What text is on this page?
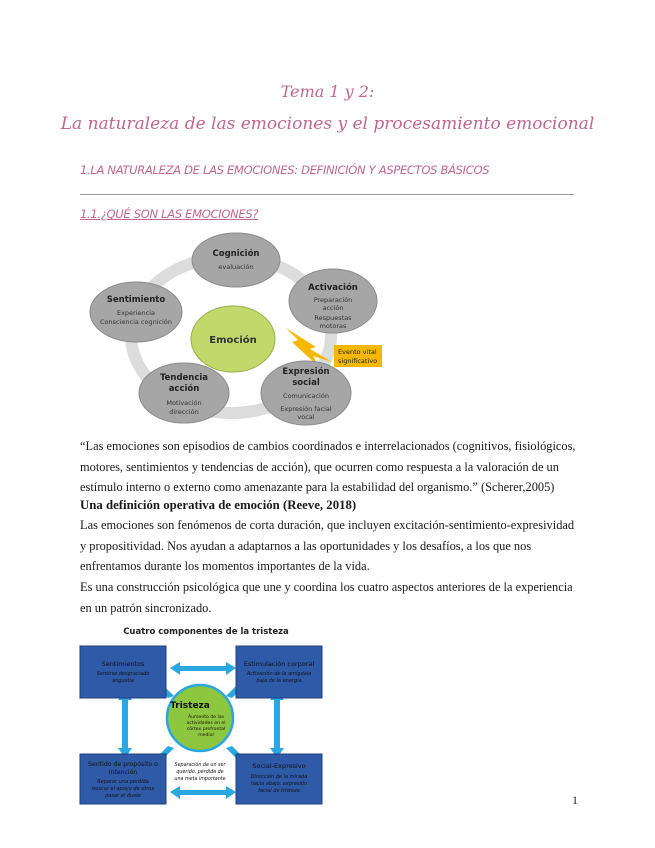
Tema 1 y 2:
La naturaleza de las emociones y el procesamiento emocional
1.LA NATURALEZA DE LAS EMOCIONES: DEFINICIÓN Y ASPECTOS BÁSICOS
1.1.¿QUÉ SON LAS EMOCIONES?
Evento vital
significativo
Emoción
Cognición
evaluación
Activación
Preparación
acción
Respuestas
motoras
Expresión
social
Comunicación
Expresión facial
vocal
Tendencia
acción
Motivación
dirección
Sentimiento
Experiencia
Consciencia cognición

“Las emociones son episodios de cambios coordinados e interrelacionados (cognitivos, fisiológicos, motores, sentimientos y tendencias de acción), que ocurren como respuesta a la valoración de un estímulo interno o externo como amenazante para la estabilidad del organismo.” (Scherer,2005)

Una definición operativa de emoción (Reeve, 2018)

Las emociones son fenómenos de corta duración, que incluyen excitación-sentimiento-expresividad y propositividad. Nos ayudan a adaptarnos a las oportunidades y los desafíos, a los que nos enfrentamos durante los momentos importantes de la vida.

Es una construcción psicológica que une y coordina los cuatro aspectos anteriores de la experiencia en un patrón sincronizado.

Cuatro componentes de la tristeza
Sentimientos
Sentirse desgraciado
angustia
Estimulación corporal
Activación de la amígdala
baja de la energía
Sentido de propósito o
intención
Reparar una pérdida
buscar el apoyo de otros
pasar el duelo
Social-Expresivo
Dirección de la mirada
hacia abajo, expresión
facial de tristeza
Tristeza
Aumento de las
actividades en el
córtex prefrontal
medial
Separación de un ser
querido, pérdida de
una meta importante
1
